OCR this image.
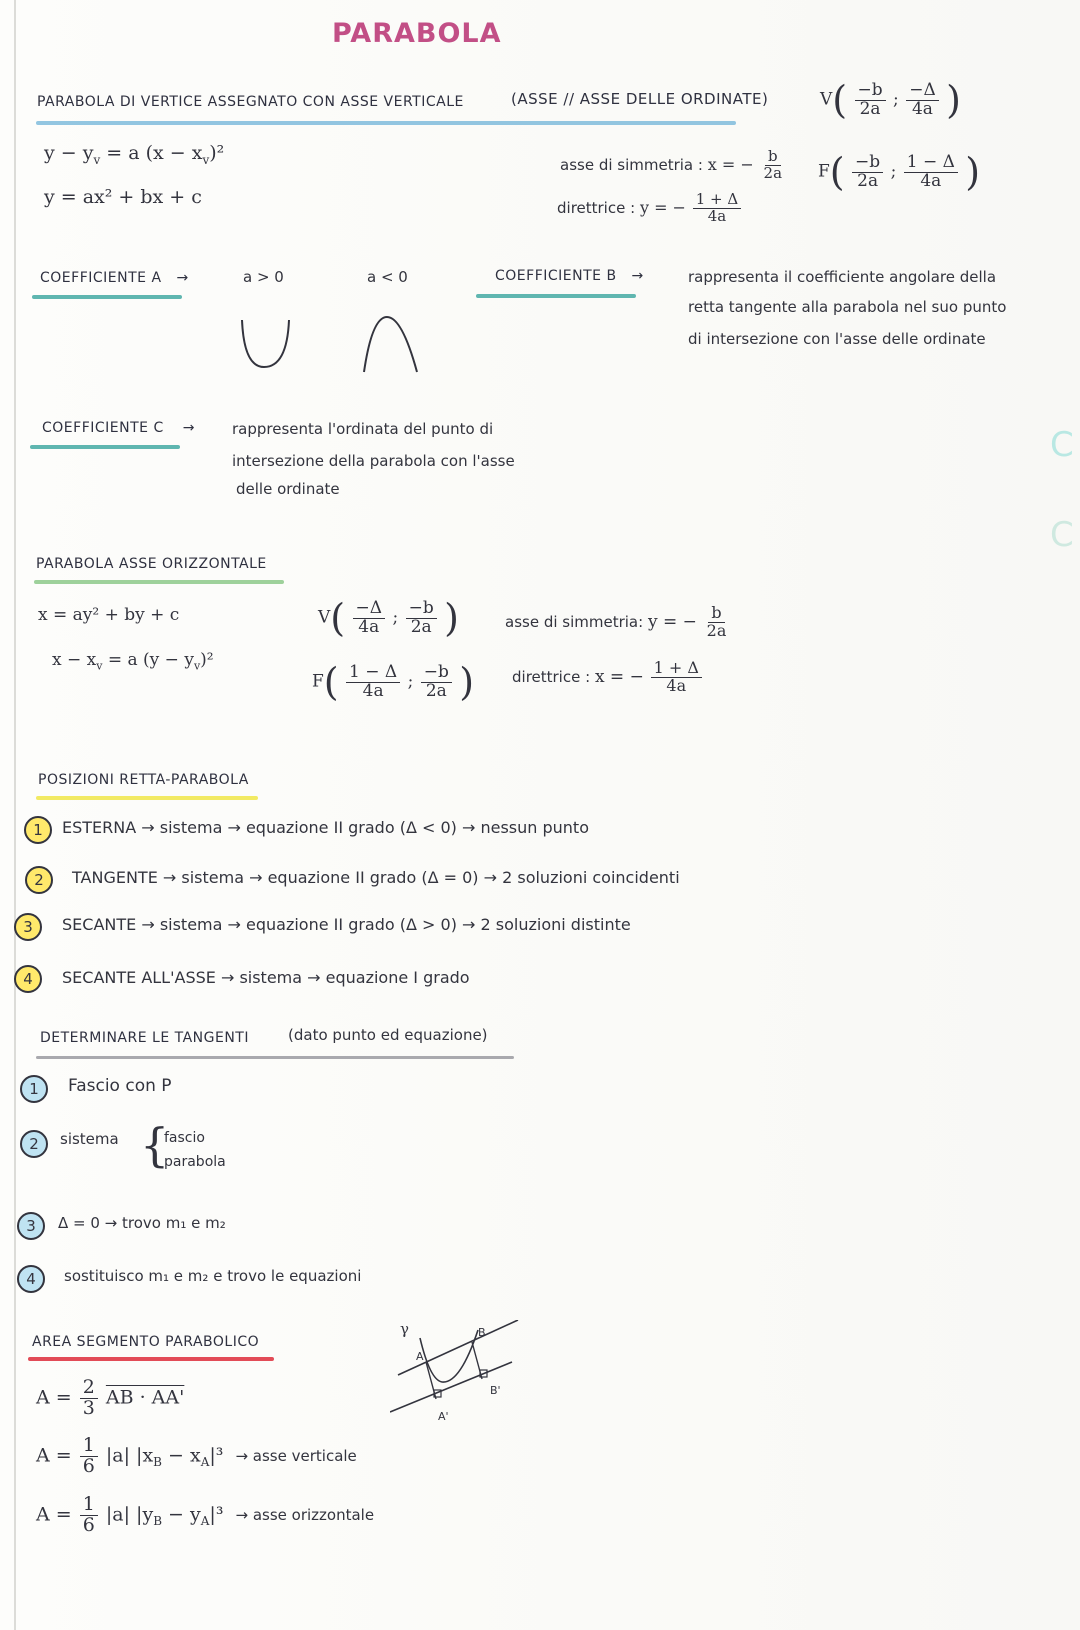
PARABOLA
PARABOLA DI VERTICE ASSEGNATO CON ASSE VERTICALE	(ASSE // ASSE DELLE ORDINATE)
$y - y_v = a$ $(x - x_v)^2$
y = ax² + bx + c
asse di simmetria : x = − $\frac{b}{2a}$
direttrice : y = − $\frac{1 + \Delta}{4a}$
$V( \frac{-b}{2a}$ ; $\frac{-\Delta}{4a}$ )
$F( \frac{-b}{2a}$ ; $\frac{1 - \Delta}{4a}$ )
COEFFICIENTE A →	a > 0	a < 0	COEFFICIENTE B →	rappresenta il coefficiente angolare della
retta tangente alla parabola nel suo punto
di intersezione con l'asse delle ordinate
COEFFICIENTE C → rappresenta l'ordinata del punto di
intersezione della parabola con l'asse
delle ordinate
PARABOLA ASSE ORIZZONTALE
x = ay² + by + c
$x - x_v = a$ $(y - y_v)^2$
$V( \frac{-\Delta}{4a}$ ; $\frac{-b}{2a}$ )
$F( \frac{1 - \Delta}{4a}$ ; $\frac{-b}{2a}$ )
asse di simmetria: y = − $\frac{b}{2a}$
direttrice : x = − $\frac{1 + \Delta}{4a}$
POSIZIONI RETTA-PARABOLA
1	ESTERNA → sistema → equazione II grado (Δ < 0) → nessun punto
2	TANGENTE → sistema → equazione II grado (Δ = 0) → 2 soluzioni coincidenti
3	SECANTE → sistema → equazione II grado (Δ > 0) → 2 soluzioni distinte
4	SECANTE ALL'ASSE → sistema → equazione I grado
DETERMINARE LE TANGENTI	(dato punto ed equazione)
1	Fascio con P
2	sistema {
fascio
parabola
3	Δ = 0 → trovo m₁ e m₂
4	sostituisco m₁ e m₂ e trovo le equazioni
AREA SEGMENTO PARABOLICO
$A = \frac{2}{3}$ AB · AA'
$A = \frac{1}{6} |a|$ $|x_B - x_A|^3$ → asse verticale
$A = \frac{1}{6} |a|$ $|y_B - y_A|^3$ → asse orizzontale
γ
A
B
A'
B'
C
C
